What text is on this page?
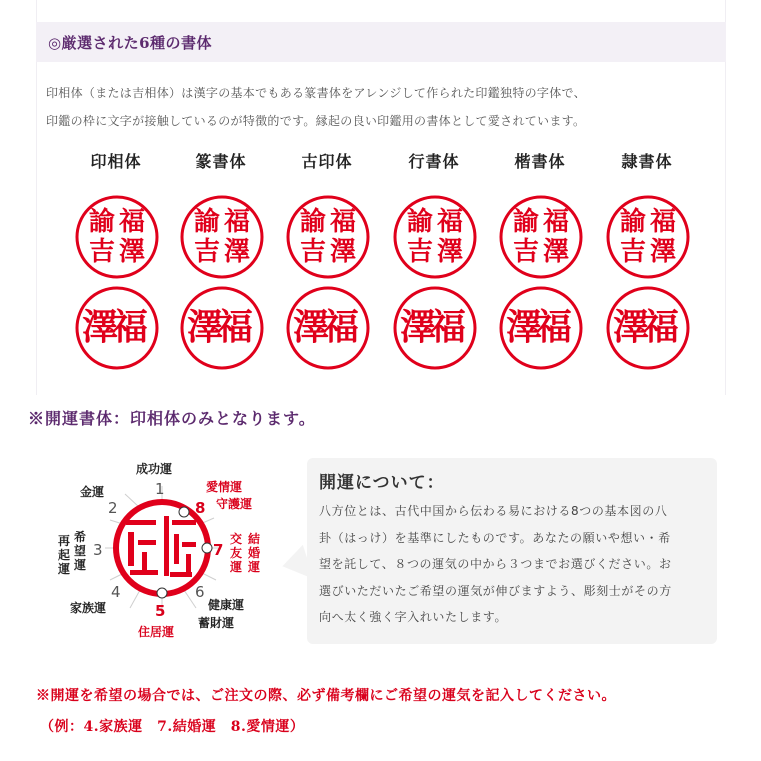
◎厳選された6種の書体
印相体（または吉相体）は漢字の基本でもある篆書体をアレンジして作られた印鑑独特の字体で、
印鑑の枠に文字が接触しているのが特徴的です。縁起の良い印鑑用の書体として愛されています。
印相体
福
澤
諭
吉
福
澤
篆書体
福
澤
諭
吉
福
澤
古印体
福
澤
諭
吉
福
澤
行書体
福
澤
諭
吉
福
澤
楷書体
福
澤
諭
吉
福
澤
隷書体
福
澤
諭
吉
福
澤
※開運書体：印相体のみとなります。
成功運
1
金運
2
再
起
運
希
望
運
3
家族運
4
5
住居運
6
健康運
蓄財運
7
交
友
運
結
婚
運
8
愛情運
守護運
開運について：
八方位とは、古代中国から伝わる易における8つの基本図の八
卦（はっけ）を基準にしたものです。あなたの願いや想い・希
望を託して、８つの運気の中から３つまでお選びください。お
選びいただいたご希望の運気が伸びますよう、彫刻士がその方
向へ太く強く字入れいたします。
※開運を希望の場合では、ご注文の際、必ず備考欄にご希望の運気を記入してください。
（例：4.家族運　7.結婚運　8.愛情運）
